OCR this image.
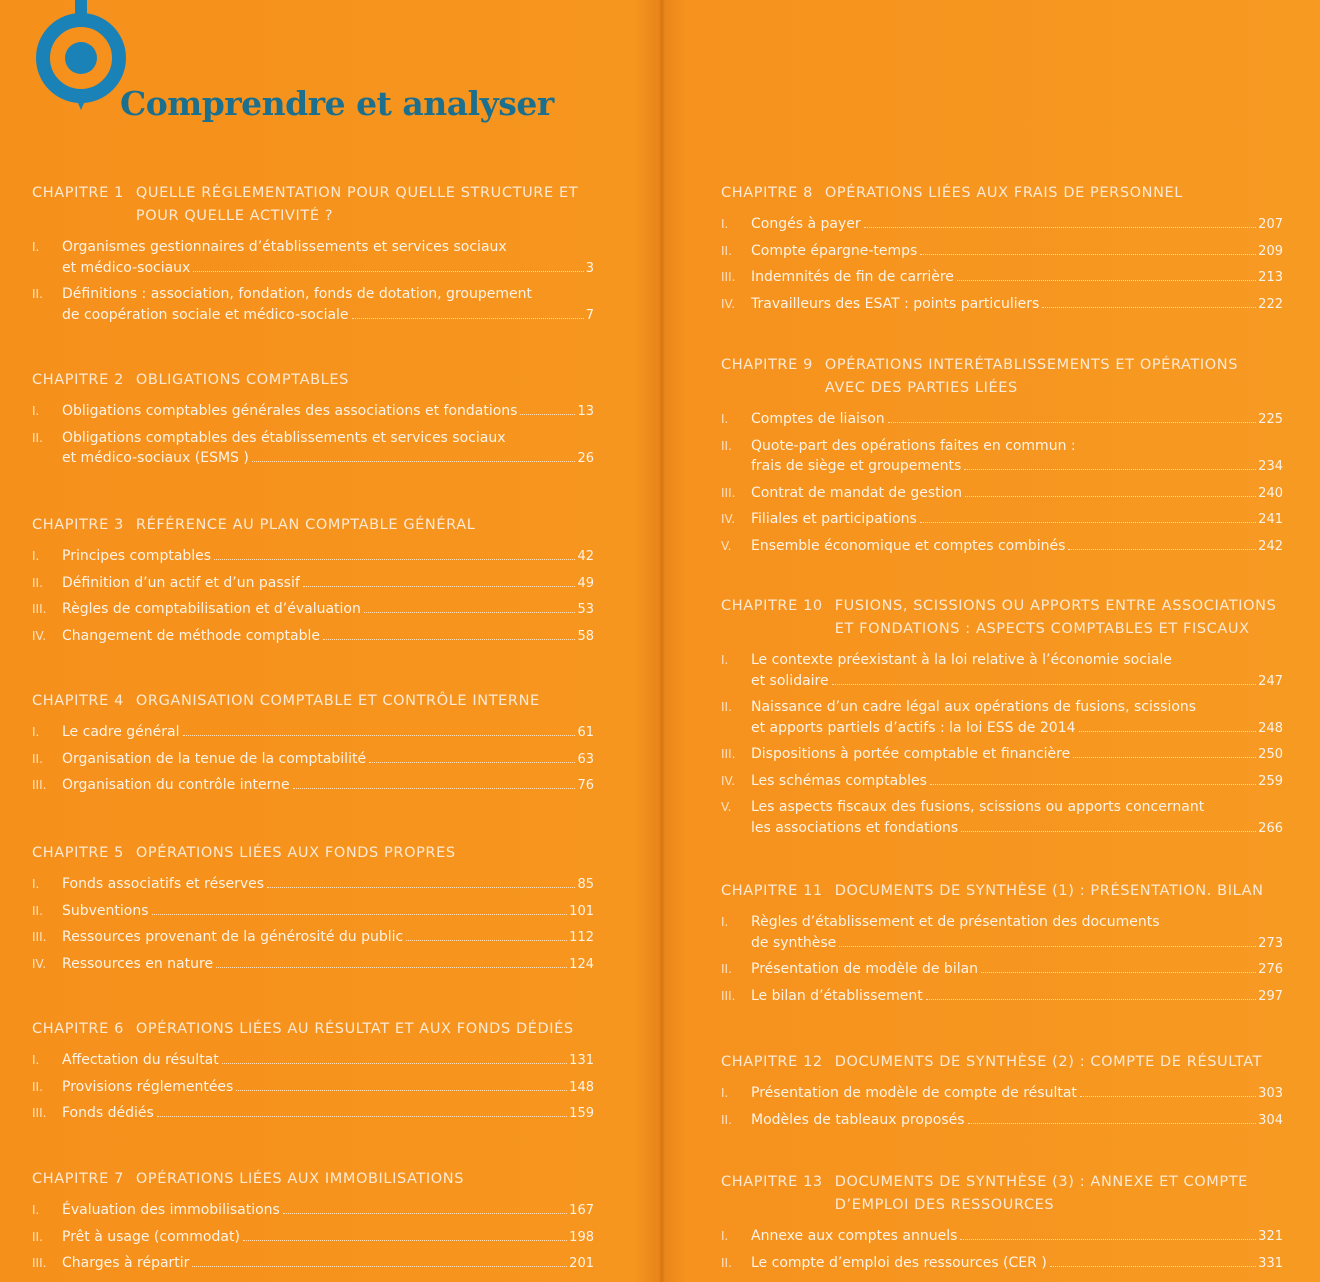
Comprendre et analyser
CHAPITRE 1 QUELLE RÉGLEMENTATION POUR QUELLE STRUCTURE ET POUR QUELLE ACTIVITÉ ?
I.	Organismes gestionnaires d’établissements et services sociaux
et médico-sociaux	3
II.	Définitions : association, fondation, fonds de dotation, groupement
de coopération sociale et médico-sociale	7
CHAPITRE 2 OBLIGATIONS COMPTABLES
I.	Obligations comptables générales des associations et fondations	13
II.	Obligations comptables des établissements et services sociaux
et médico-sociaux (ESMS )	26
CHAPITRE 3 RÉFÉRENCE AU PLAN COMPTABLE GÉNÉRAL
I.	Principes comptables	42
II.	Définition d’un actif et d’un passif	49
III.	Règles de comptabilisation et d’évaluation	53
IV.	Changement de méthode comptable	58
CHAPITRE 4 ORGANISATION COMPTABLE ET CONTRÔLE INTERNE
I.	Le cadre général	61
II.	Organisation de la tenue de la comptabilité	63
III.	Organisation du contrôle interne	76
CHAPITRE 5 OPÉRATIONS LIÉES AUX FONDS PROPRES
I.	Fonds associatifs et réserves	85
II.	Subventions	101
III.	Ressources provenant de la générosité du public	112
IV.	Ressources en nature	124
CHAPITRE 6 OPÉRATIONS LIÉES AU RÉSULTAT ET AUX FONDS DÉDIÉS
I.	Affectation du résultat	131
II.	Provisions réglementées	148
III.	Fonds dédiés	159
CHAPITRE 7 OPÉRATIONS LIÉES AUX IMMOBILISATIONS
I.	Évaluation des immobilisations	167
II.	Prêt à usage (commodat)	198
III.	Charges à répartir	201
CHAPITRE 8 OPÉRATIONS LIÉES AUX FRAIS DE PERSONNEL
I.	Congés à payer	207
II.	Compte épargne-temps	209
III.	Indemnités de fin de carrière	213
IV.	Travailleurs des ESAT : points particuliers	222
CHAPITRE 9 OPÉRATIONS INTERÉTABLISSEMENTS ET OPÉRATIONS AVEC DES PARTIES LIÉES
I.	Comptes de liaison	225
II.	Quote-part des opérations faites en commun :
frais de siège et groupements	234
III.	Contrat de mandat de gestion	240
IV.	Filiales et participations	241
V.	Ensemble économique et comptes combinés	242
CHAPITRE 10 FUSIONS, SCISSIONS OU APPORTS ENTRE ASSOCIATIONS ET FONDATIONS : ASPECTS COMPTABLES ET FISCAUX
I.	Le contexte préexistant à la loi relative à l’économie sociale
et solidaire	247
II.	Naissance d’un cadre légal aux opérations de fusions, scissions
et apports partiels d’actifs : la loi ESS de 2014	248
III.	Dispositions à portée comptable et financière	250
IV.	Les schémas comptables	259
V.	Les aspects fiscaux des fusions, scissions ou apports concernant
les associations et fondations	266
CHAPITRE 11 DOCUMENTS DE SYNTHÈSE (1) : PRÉSENTATION. BILAN
I.	Règles d’établissement et de présentation des documents
de synthèse	273
II.	Présentation de modèle de bilan	276
III.	Le bilan d’établissement	297
CHAPITRE 12 DOCUMENTS DE SYNTHÈSE (2) : COMPTE DE RÉSULTAT
I.	Présentation de modèle de compte de résultat	303
II.	Modèles de tableaux proposés	304
CHAPITRE 13 DOCUMENTS DE SYNTHÈSE (3) : ANNEXE ET COMPTE D’EMPLOI DES RESSOURCES
I.	Annexe aux comptes annuels	321
II.	Le compte d’emploi des ressources (CER )	331
